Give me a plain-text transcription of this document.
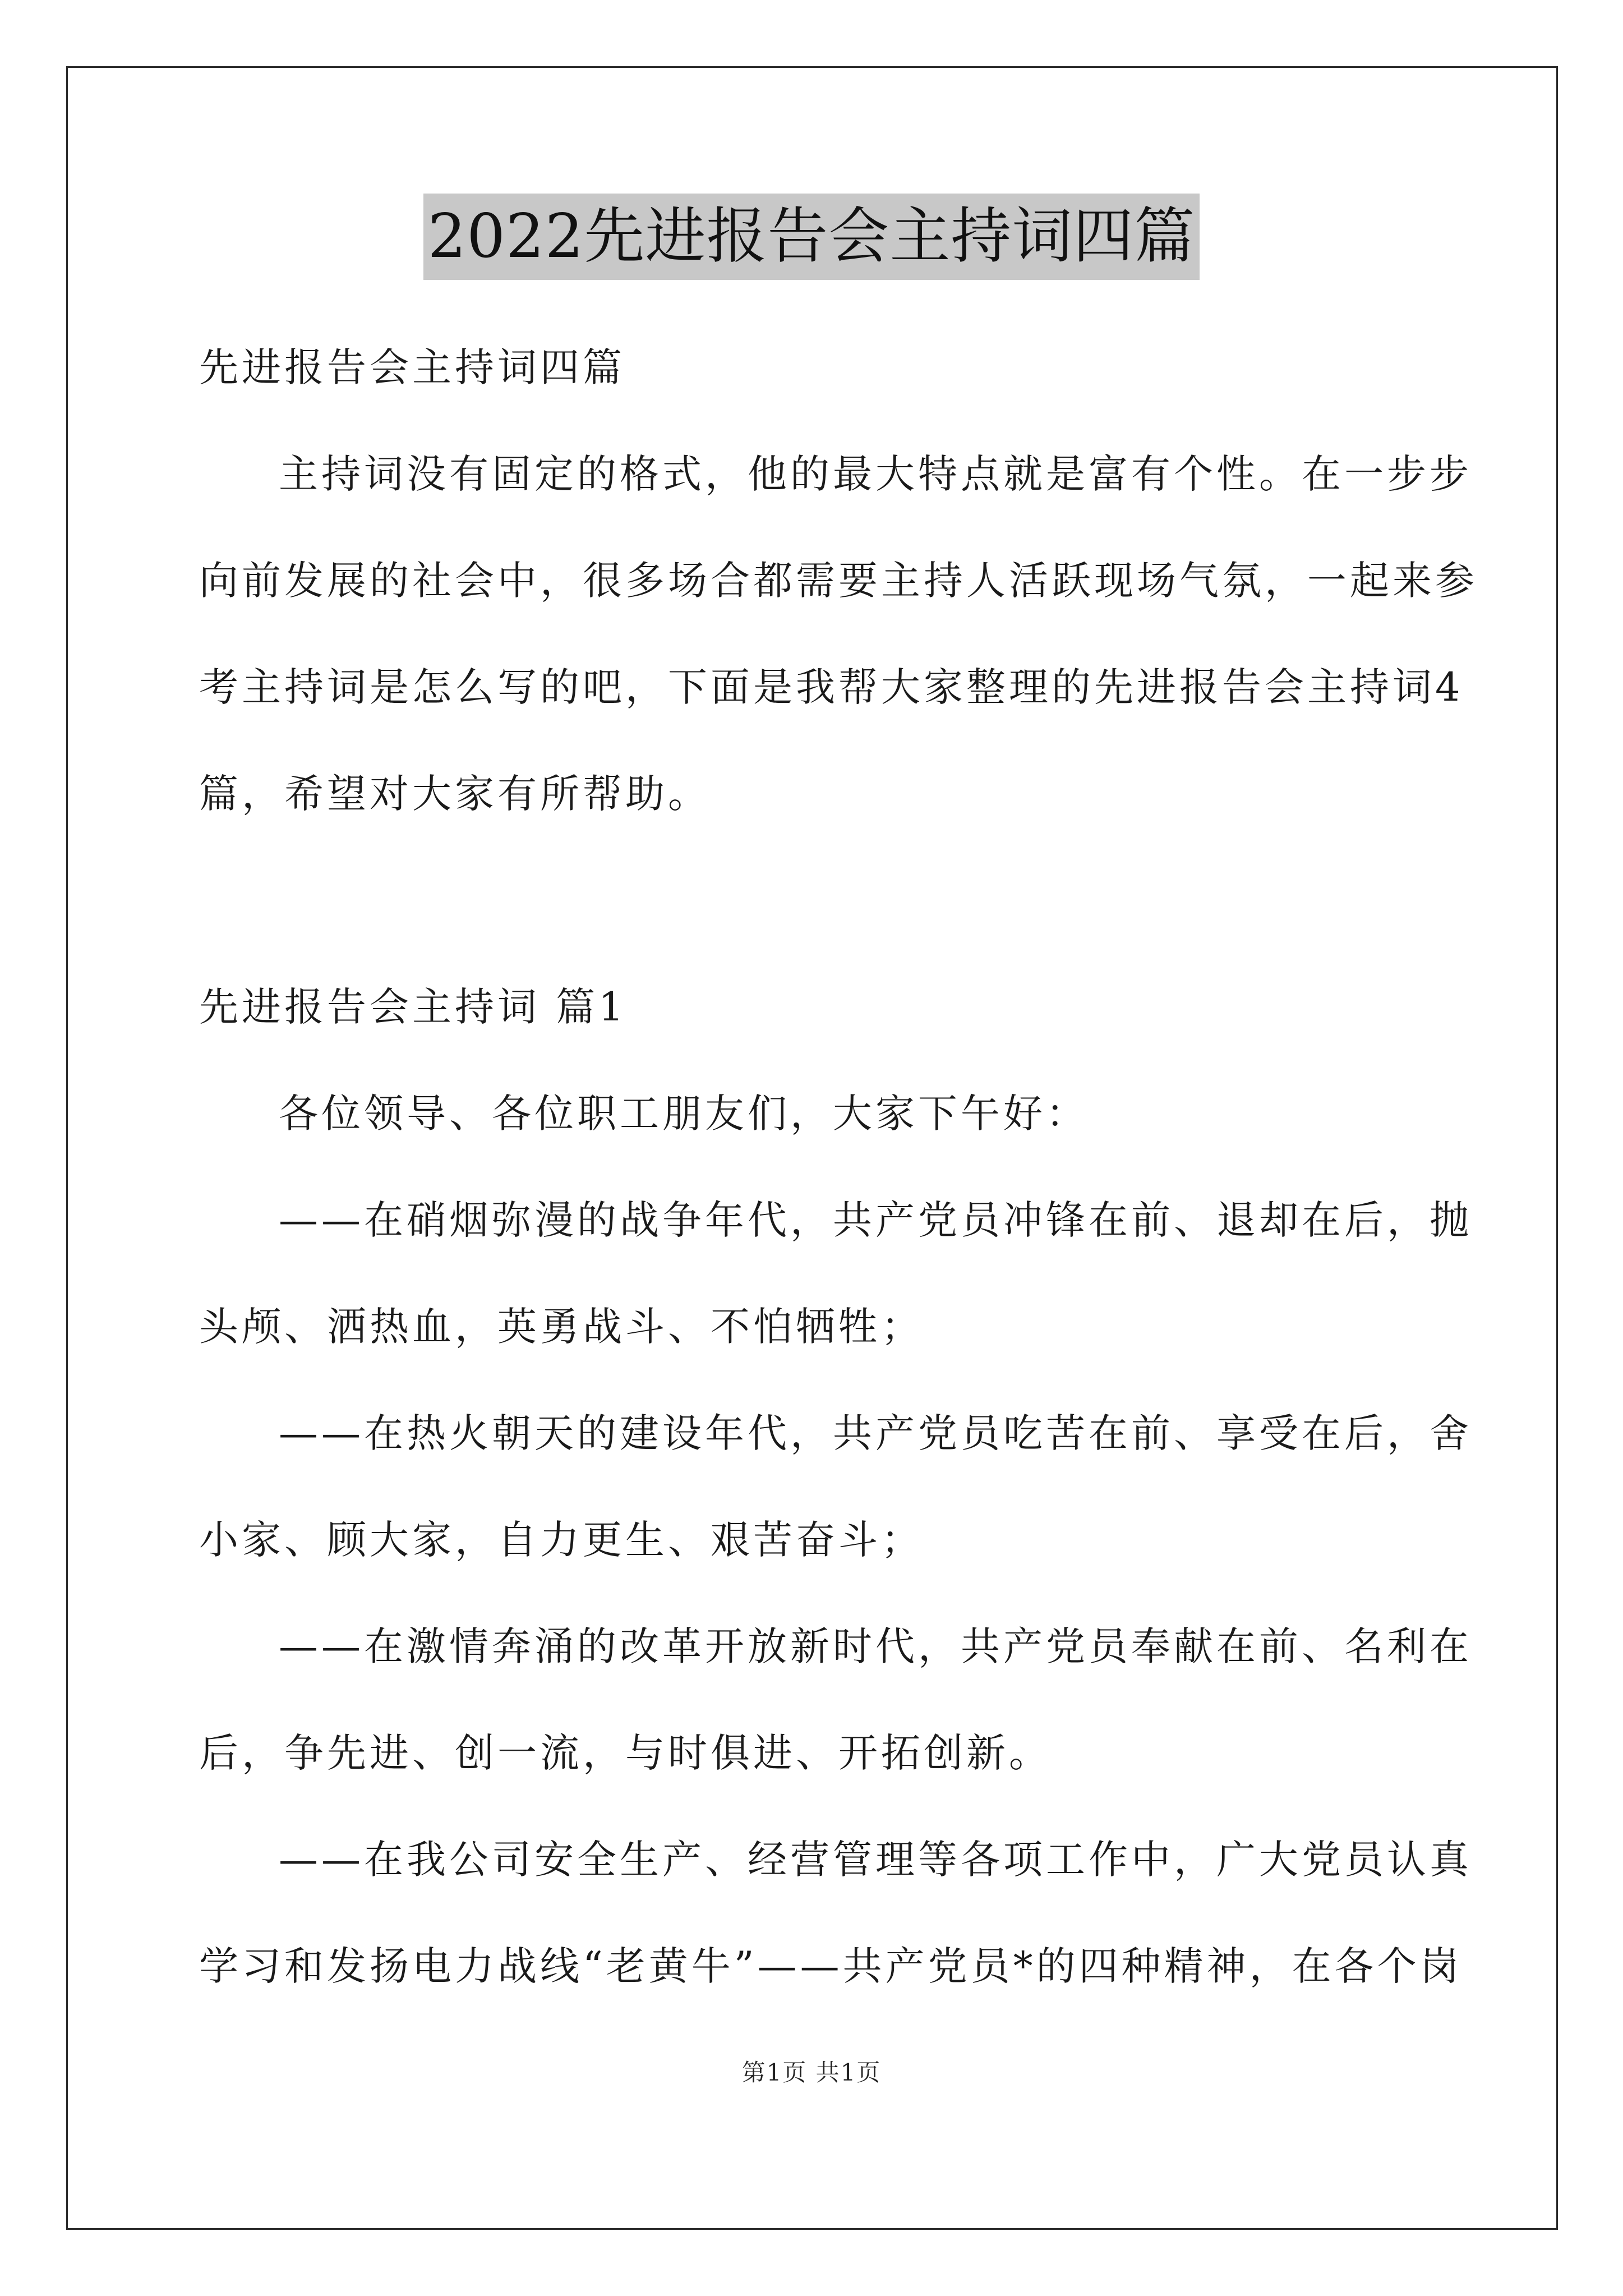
2022先进报告会主持词四篇
先进报告会主持词四篇
主持词没有固定的格式，他的最大特点就是富有个性。在一步步
向前发展的社会中，很多场合都需要主持人活跃现场气氛，一起来参
考主持词是怎么写的吧，下面是我帮大家整理的先进报告会主持词4
篇，希望对大家有所帮助。
先进报告会主持词 篇1
各位领导、各位职工朋友们，大家下午好：
——在硝烟弥漫的战争年代，共产党员冲锋在前、退却在后，抛
头颅、洒热血，英勇战斗、不怕牺牲；
——在热火朝天的建设年代，共产党员吃苦在前、享受在后，舍
小家、顾大家，自力更生、艰苦奋斗；
——在激情奔涌的改革开放新时代，共产党员奉献在前、名利在
后，争先进、创一流，与时俱进、开拓创新。
——在我公司安全生产、经营管理等各项工作中，广大党员认真
学习和发扬电力战线“老黄牛”——共产党员*的四种精神，在各个岗
第1页 共1页
